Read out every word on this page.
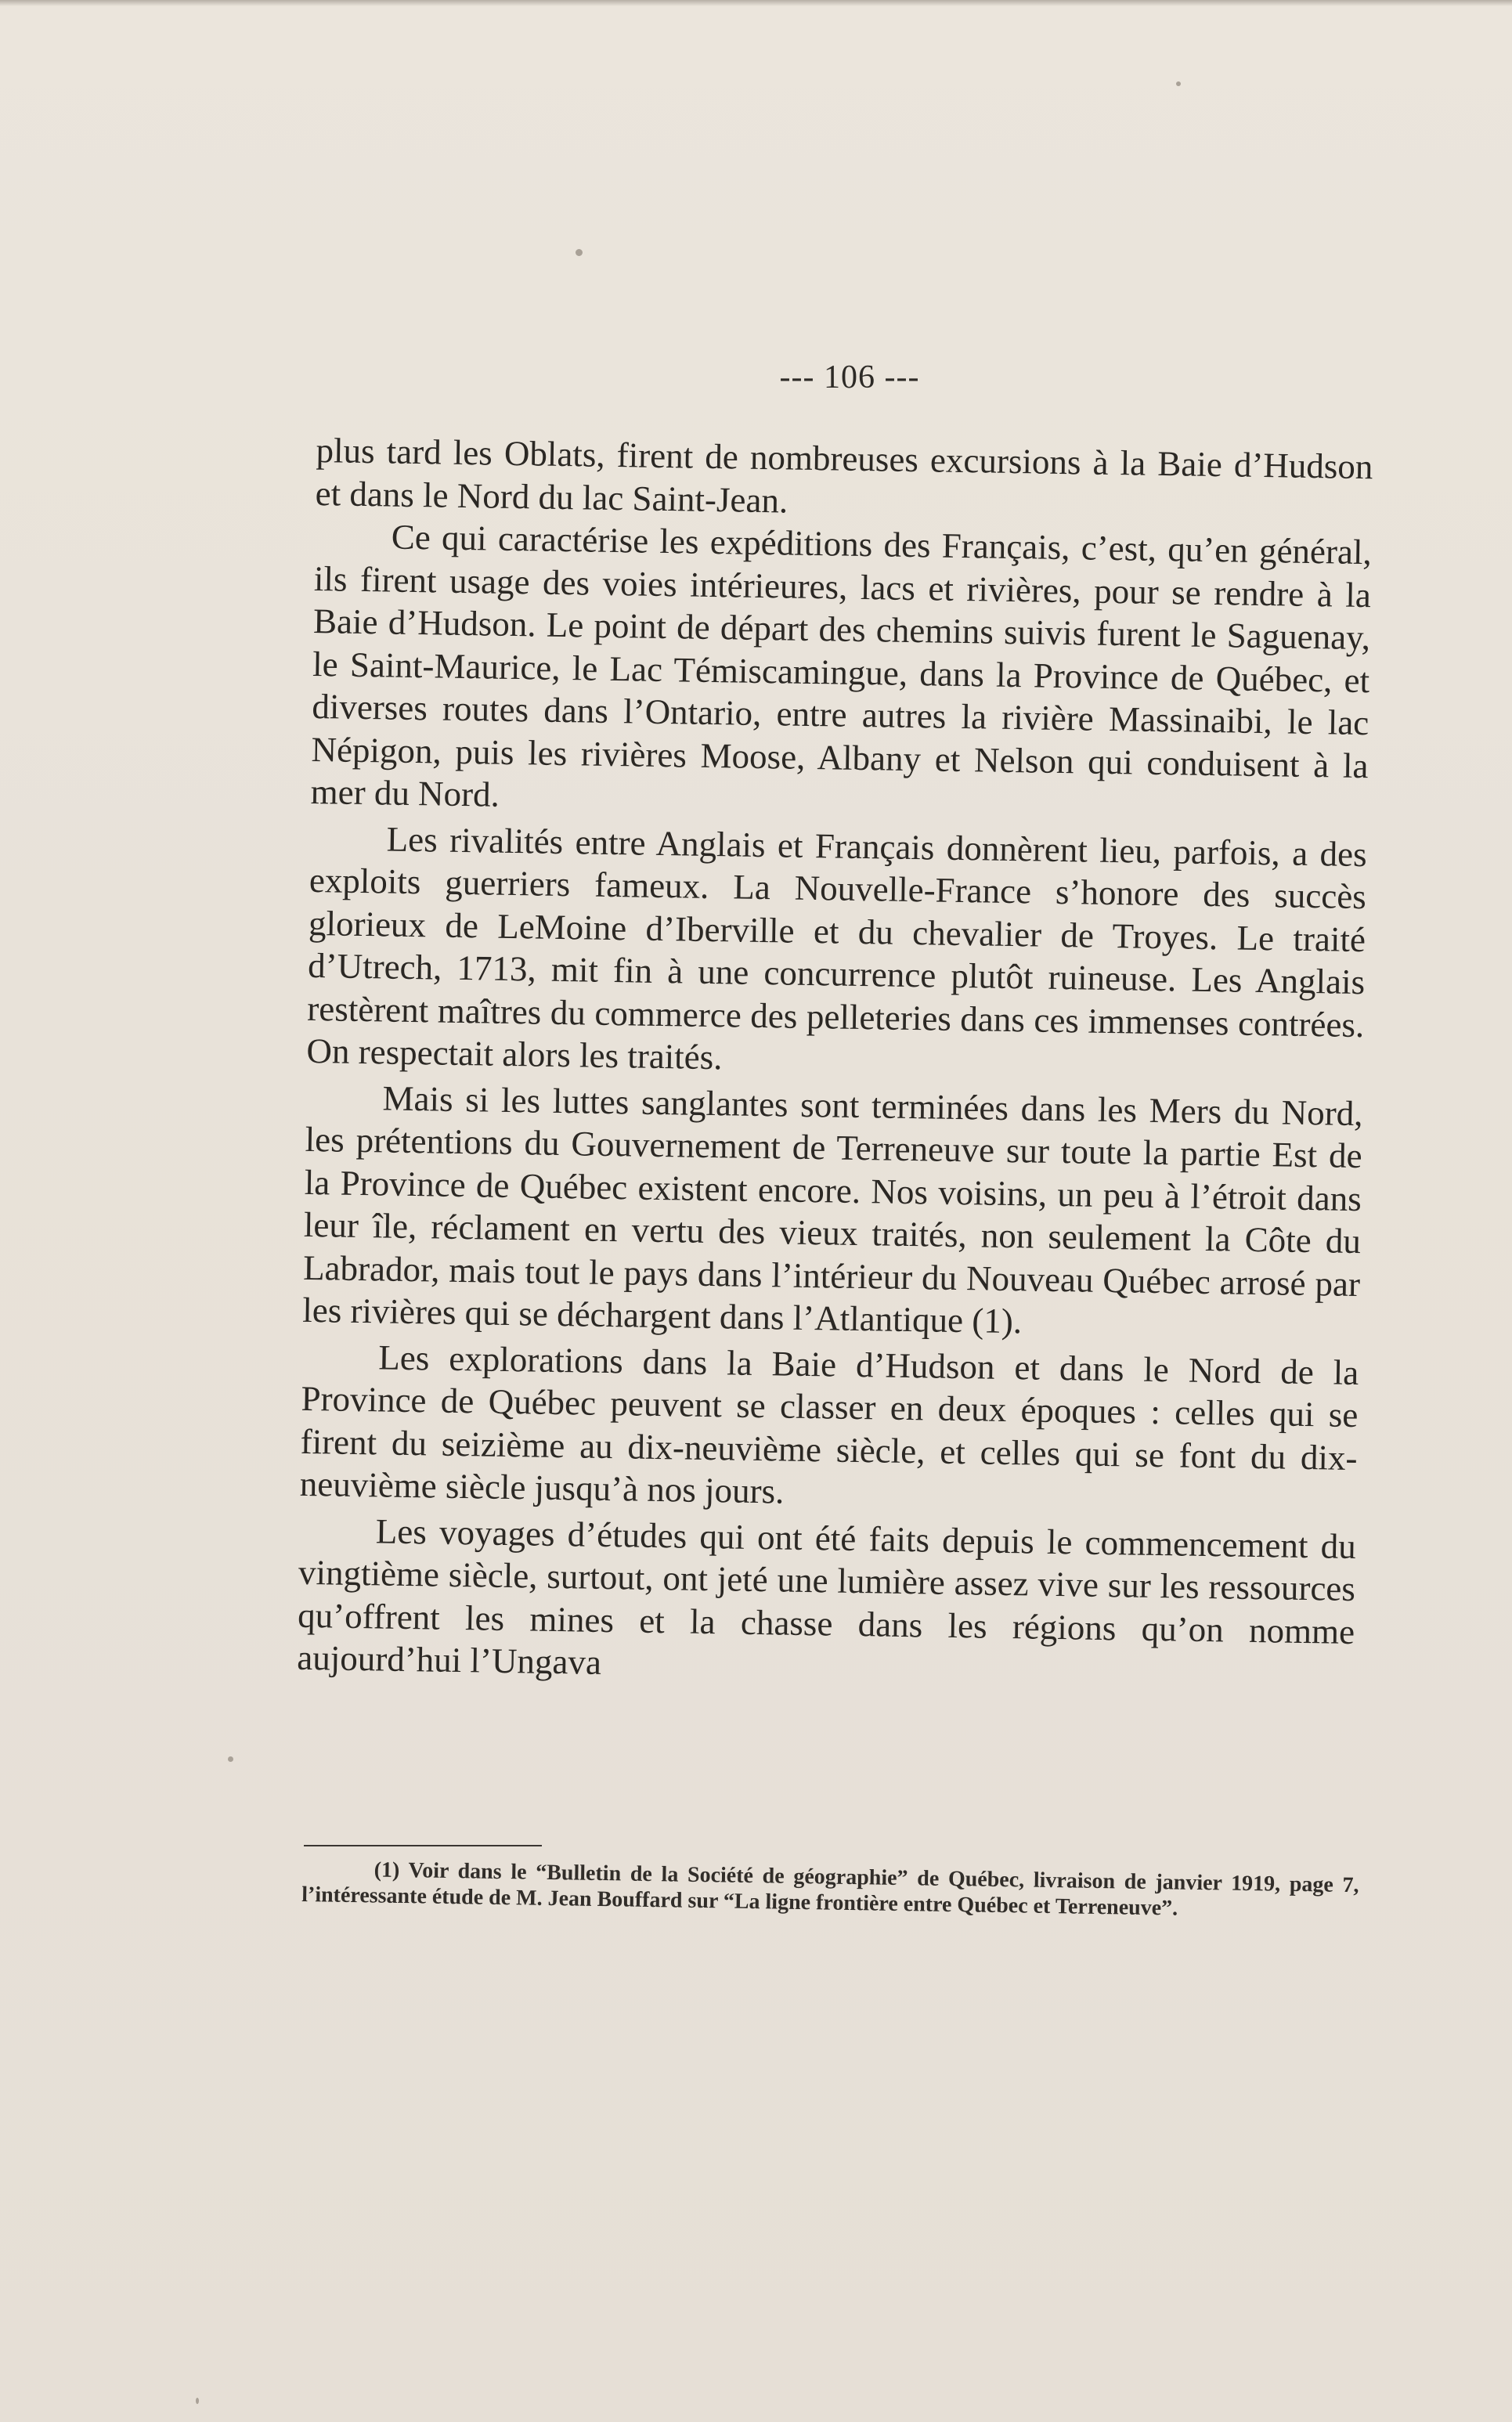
--- 106 ---

plus tard les Oblats, firent de nombreuses excursions à la Baie d’Hudson et dans le Nord du lac Saint-Jean.

Ce qui caractérise les expéditions des Français, c’est, qu’en général, ils firent usage des voies intérieures, lacs et rivières, pour se rendre à la Baie d’Hudson. Le point de départ des chemins suivis furent le Saguenay, le Saint-Maurice, le Lac Témiscamingue, dans la Province de Québec, et diverses routes dans l’Ontario, entre autres la rivière Massinaibi, le lac Népigon, puis les rivières Moose, Albany et Nelson qui conduisent à la mer du Nord.

Les rivalités entre Anglais et Français donnèrent lieu, parfois, a des exploits guerriers fameux. La Nouvelle-France s’honore des succès glorieux de LeMoine d’Iberville et du chevalier de Troyes. Le traité d’Utrech, 1713, mit fin à une concurrence plutôt ruineuse. Les Anglais restèrent maîtres du commerce des pelleteries dans ces immenses contrées. On respectait alors les traités.

Mais si les luttes sanglantes sont terminées dans les Mers du Nord, les prétentions du Gouvernement de Terreneuve sur toute la partie Est de la Province de Québec existent encore. Nos voisins, un peu à l’étroit dans leur île, réclament en vertu des vieux traités, non seulement la Côte du Labrador, mais tout le pays dans l’intérieur du Nouveau Québec arrosé par les rivières qui se déchargent dans l’Atlantique (1).

Les explorations dans la Baie d’Hudson et dans le Nord de la Province de Québec peuvent se classer en deux époques : celles qui se firent du seizième au dix-neuvième siècle, et celles qui se font du dix-neuvième siècle jusqu’à nos jours.

Les voyages d’études qui ont été faits depuis le commencement du vingtième siècle, surtout, ont jeté une lumière assez vive sur les ressources qu’offrent les mines et la chasse dans les régions qu’on nomme aujourd’hui l’Ungava

(1) Voir dans le “Bulletin de la Société de géographie” de Québec, livraison de janvier 1919, page 7, l’intéressante étude de M. Jean Bouffard sur “La ligne frontière entre Québec et Terreneuve”.
